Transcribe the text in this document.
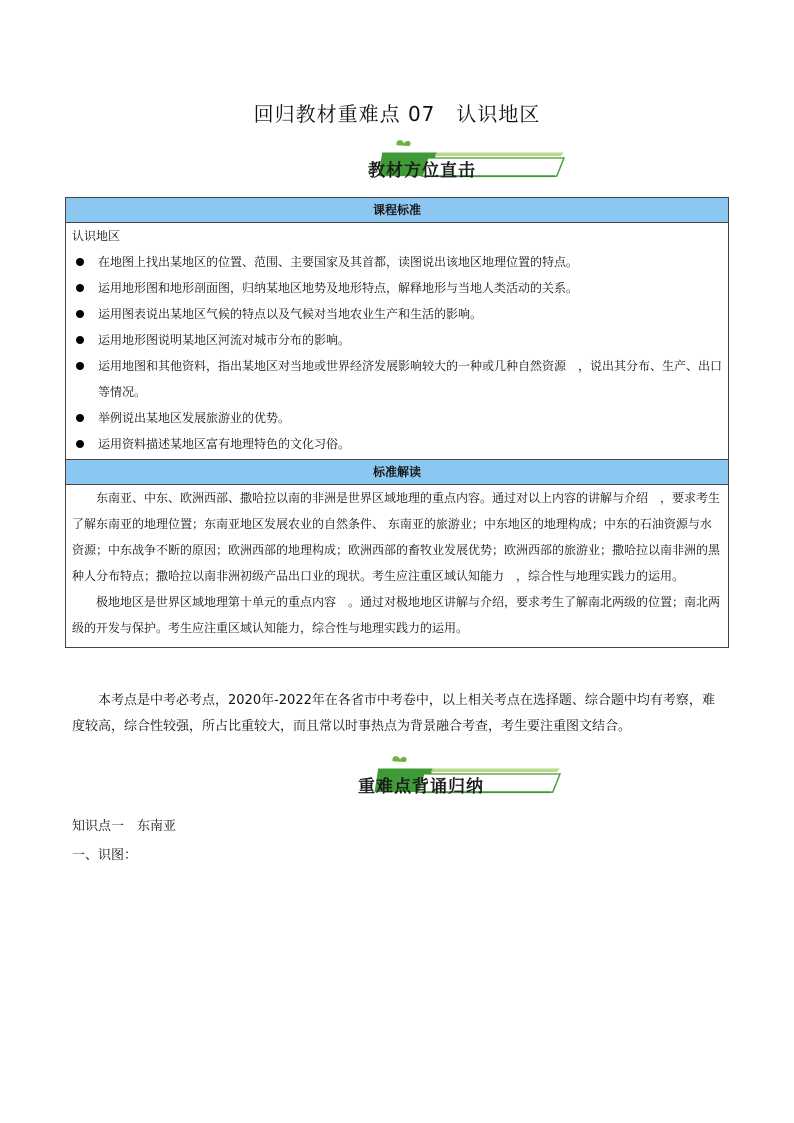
回归教材重难点 07　认识地区
01 教材方位直击
课程标准

认识地区
在地图上找出某地区的位置、范围、主要国家及其首都，读图说出该地区地理位置的特点。
运用地形图和地形剖面图，归纳某地区地势及地形特点，解释地形与当地人类活动的关系。
运用图表说出某地区气候的特点以及气候对当地农业生产和生活的影响。
运用地形图说明某地区河流对城市分布的影响。
运用地图和其他资料，指出某地区对当地或世界经济发展影响较大的一种或几种自然资源　，说出其分布、生产、出口等情况。
举例说出某地区发展旅游业的优势。
运用资料描述某地区富有地理特色的文化习俗。

标准解读

东南亚、中东、欧洲西部、撒哈拉以南的非洲是世界区域地理的重点内容。通过对以上内容的讲解与介绍　，要求考生了解东南亚的地理位置；东南亚地区发展农业的自然条件、 东南亚的旅游业；中东地区的地理构成；中东的石油资源与水资源；中东战争不断的原因；欧洲西部的地理构成；欧洲西部的畜牧业发展优势；欧洲西部的旅游业；撒哈拉以南非洲的黑种人分布特点；撒哈拉以南非洲初级产品出口业的现状。考生应注重区域认知能力　，综合性与地理实践力的运用。
极地地区是世界区域地理第十单元的重点内容　。通过对极地地区讲解与介绍，要求考生了解南北两级的位置；南北两级的开发与保护。考生应注重区域认知能力，综合性与地理实践力的运用。
本考点是中考必考点，2020年-2022年在各省市中考卷中，以上相关考点在选择题、综合题中均有考察，难度较高，综合性较强，所占比重较大，而且常以时事热点为背景融合考查，考生要注重图文结合。
02 重难点背诵归纳
知识点一　东南亚
一、识图：
